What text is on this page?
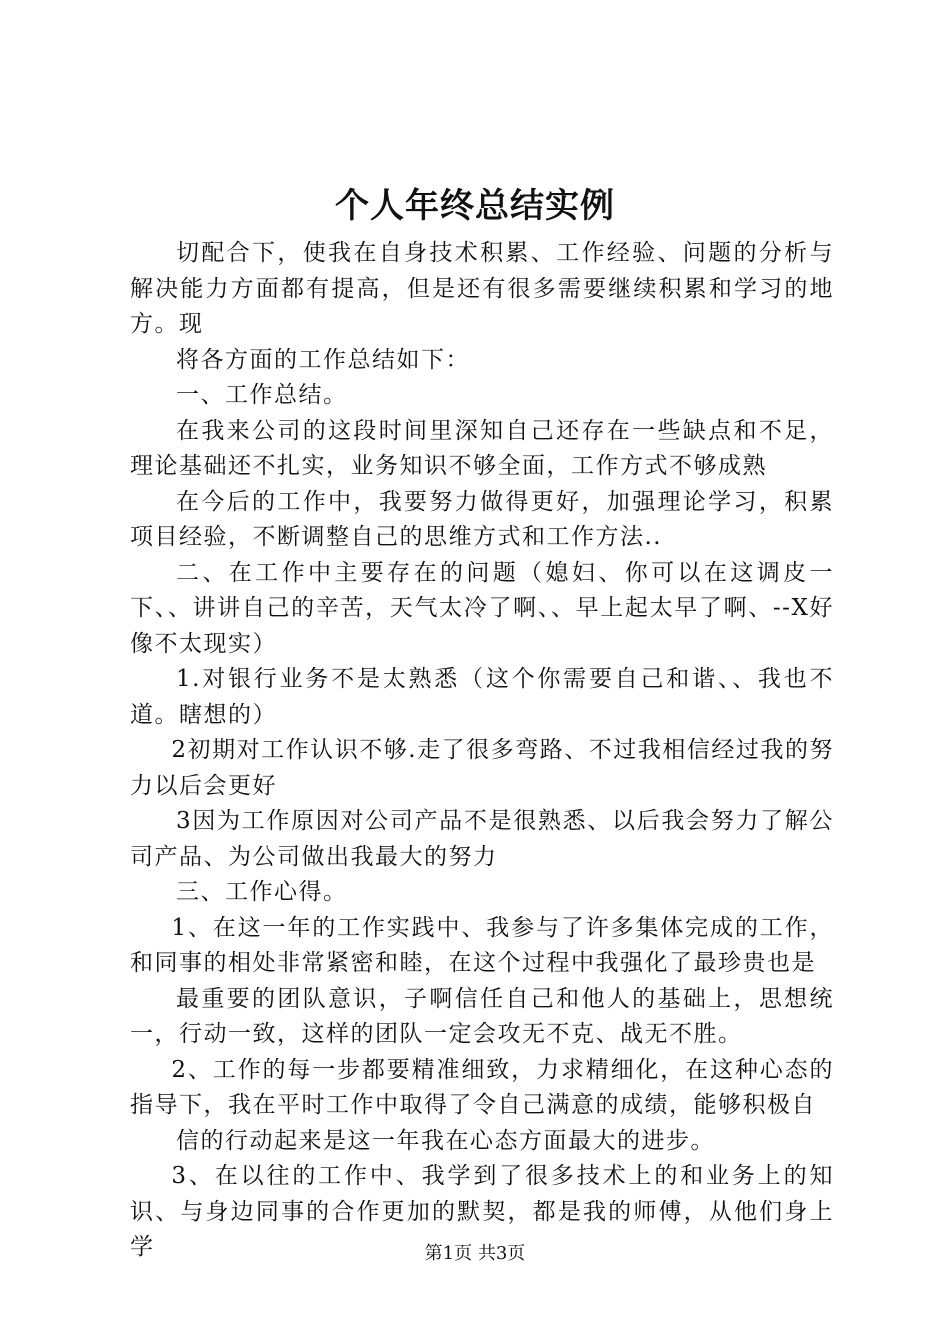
个人年终总结实例

切配合下，使我在自身技术积累、工作经验、问题的分析与解决能力方面都有提高，但是还有很多需要继续积累和学习的地方。现

将各方面的工作总结如下：

一、工作总结。

在我来公司的这段时间里深知自己还存在一些缺点和不足，理论基础还不扎实，业务知识不够全面，工作方式不够成熟

在今后的工作中，我要努力做得更好，加强理论学习，积累项目经验，不断调整自己的思维方式和工作方法..

二、在工作中主要存在的问题（媳妇、你可以在这调皮一下、、讲讲自己的辛苦，天气太冷了啊、、早上起太早了啊、--X好像不太现实）

1.对银行业务不是太熟悉（这个你需要自己和谐、、我也不道。瞎想的）

2初期对工作认识不够.走了很多弯路、不过我相信经过我的努力以后会更好

3因为工作原因对公司产品不是很熟悉、以后我会努力了解公司产品、为公司做出我最大的努力

三、工作心得。

1、在这一年的工作实践中、我参与了许多集体完成的工作，和同事的相处非常紧密和睦，在这个过程中我强化了最珍贵也是

最重要的团队意识，子啊信任自己和他人的基础上，思想统一，行动一致，这样的团队一定会攻无不克、战无不胜。

2、工作的每一步都要精准细致，力求精细化，在这种心态的指导下，我在平时工作中取得了令自己满意的成绩，能够积极自

信的行动起来是这一年我在心态方面最大的进步。

3、在以往的工作中、我学到了很多技术上的和业务上的知识、与身边同事的合作更加的默契，都是我的师傅，从他们身上学	第1页 共3页
